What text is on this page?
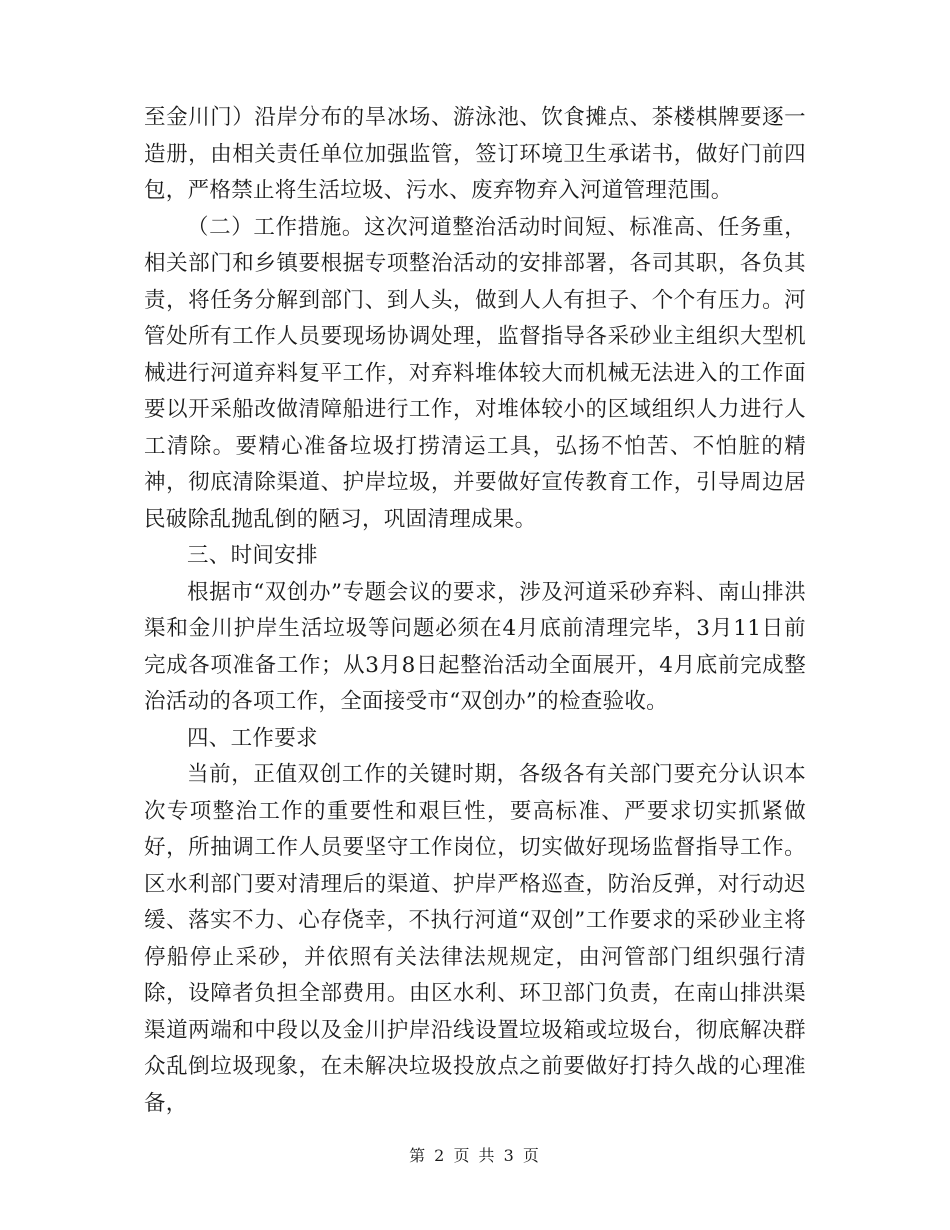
至金川门）沿岸分布的旱冰场、游泳池、饮食摊点、茶楼棋牌要逐一造册，由相关责任单位加强监管，签订环境卫生承诺书，做好门前四包，严格禁止将生活垃圾、污水、废弃物弃入河道管理范围。

（二）工作措施。这次河道整治活动时间短、标准高、任务重，相关部门和乡镇要根据专项整治活动的安排部署，各司其职，各负其责，将任务分解到部门、到人头，做到人人有担子、个个有压力。河管处所有工作人员要现场协调处理，监督指导各采砂业主组织大型机械进行河道弃料复平工作，对弃料堆体较大而机械无法进入的工作面要以开采船改做清障船进行工作，对堆体较小的区域组织人力进行人工清除。要精心准备垃圾打捞清运工具，弘扬不怕苦、不怕脏的精神，彻底清除渠道、护岸垃圾，并要做好宣传教育工作，引导周边居民破除乱抛乱倒的陋习，巩固清理成果。

三、时间安排

根据市“双创办”专题会议的要求，涉及河道采砂弃料、南山排洪渠和金川护岸生活垃圾等问题必须在4月底前清理完毕，3月11日前完成各项准备工作；从3月8日起整治活动全面展开，4月底前完成整治活动的各项工作，全面接受市“双创办”的检查验收。

四、工作要求

当前，正值双创工作的关键时期，各级各有关部门要充分认识本次专项整治工作的重要性和艰巨性，要高标准、严要求切实抓紧做好，所抽调工作人员要坚守工作岗位，切实做好现场监督指导工作。区水利部门要对清理后的渠道、护岸严格巡查，防治反弹，对行动迟缓、落实不力、心存侥幸，不执行河道“双创”工作要求的采砂业主将停船停止采砂，并依照有关法律法规规定，由河管部门组织强行清除，设障者负担全部费用。由区水利、环卫部门负责，在南山排洪渠渠道两端和中段以及金川护岸沿线设置垃圾箱或垃圾台，彻底解决群众乱倒垃圾现象，在未解决垃圾投放点之前要做好打持久战的心理准备，

第 2 页 共 3 页
